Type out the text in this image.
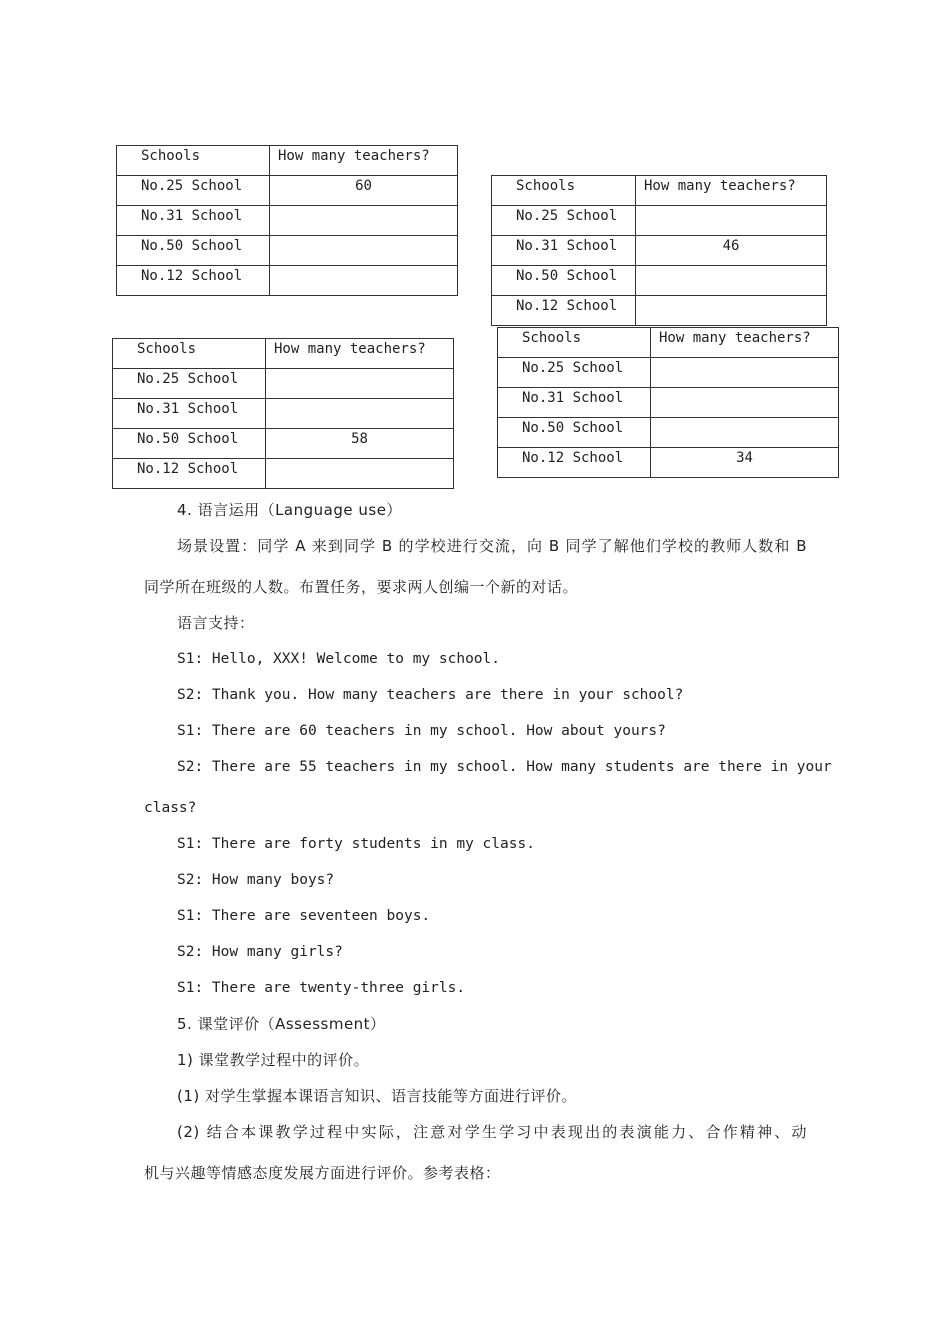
Schools	How many teachers?
No.25 School	60
No.31 School	
No.50 School	
No.12 School	
Schools	How many teachers?
No.25 School	
No.31 School	46
No.50 School	
No.12 School	
Schools	How many teachers?
No.25 School	
No.31 School	
No.50 School	58
No.12 School	
Schools	How many teachers?
No.25 School	
No.31 School	
No.50 School	
No.12 School	34
4. 语言运用（Language use）
场景设置：同学 A 来到同学 B 的学校进行交流，向 B 同学了解他们学校的教师人数和 B
同学所在班级的人数。布置任务，要求两人创编一个新的对话。
语言支持：
S1: Hello, XXX! Welcome to my school.
S2: Thank you. How many teachers are there in your school?
S1: There are 60 teachers in my school. How about yours?
S2: There are 55 teachers in my school. How many students are there in your
class?
S1: There are forty students in my class.
S2: How many boys?
S1: There are seventeen boys.
S2: How many girls?
S1: There are twenty-three girls.
5. 课堂评价（Assessment）
1) 课堂教学过程中的评价。
(1) 对学生掌握本课语言知识、语言技能等方面进行评价。
(2) 结合本课教学过程中实际，注意对学生学习中表现出的表演能力、合作精神、动
机与兴趣等情感态度发展方面进行评价。参考表格：
